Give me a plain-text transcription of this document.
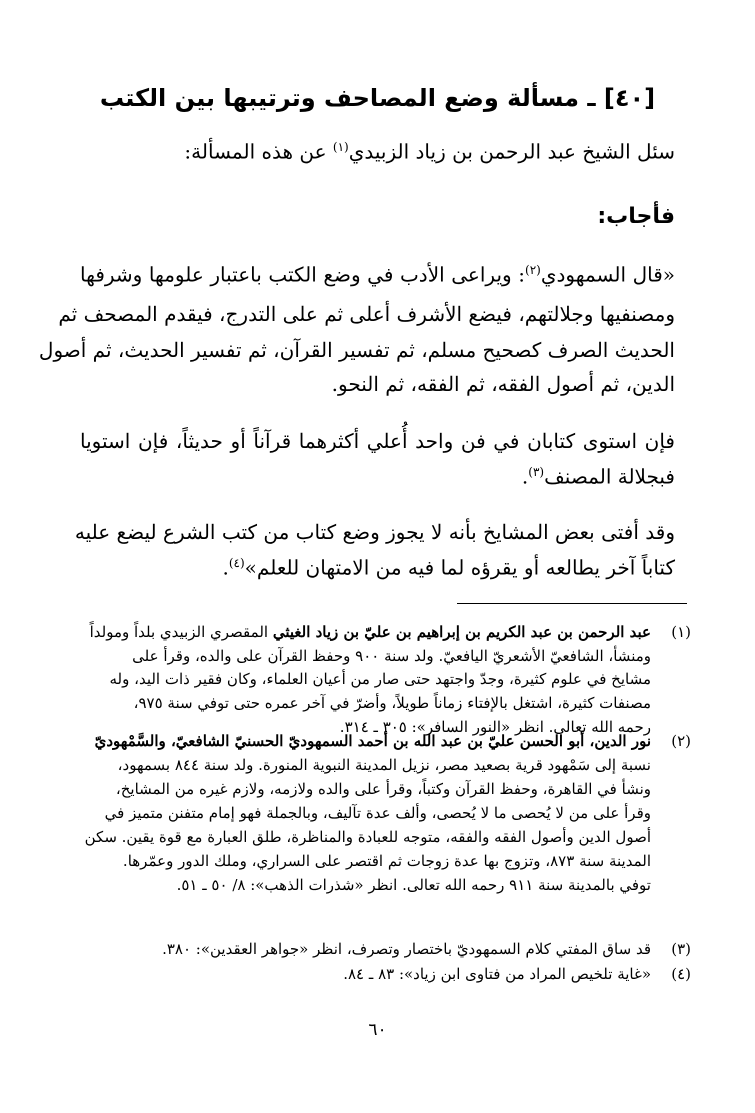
[٤٠] ـ مسألة وضع المصاحف وترتيبها بين الكتب
سئل الشيخ عبد الرحمن بن زياد الزبيدي$^{(١)}$ عن هذه المسألة:
فأجاب:
«قال السمهودي$^{(٢)}$: ويراعى الأدب في وضع الكتب باعتبار علومها وشرفها
ومصنفيها وجلالتهم، فيضع الأشرف أعلى ثم على التدرج، فيقدم المصحف ثم
الحديث الصرف كصحيح مسلم، ثم تفسير القرآن، ثم تفسير الحديث، ثم أصول
الدين، ثم أصول الفقه، ثم الفقه، ثم النحو.
فإن استوى كتابان في فن واحد أُعلي أكثرهما قرآناً أو حديثاً، فإن استويا
فبجلالة المصنف$^{(٣)}$.
وقد أفتى بعض المشايخ بأنه لا يجوز وضع كتاب من كتب الشرع ليضع عليه
كتاباً آخر يطالعه أو يقرؤه لما فيه من الامتهان للعلم»$^{(٤)}$.
(١)عبد الرحمن بن عبد الكريم بن إبراهيم بن عليّ بن زياد الغيثي المقصري الزبيدي بلداً ومولداً
ومنشأ، الشافعيّ الأشعريّ اليافعيّ. ولد سنة ٩٠٠ وحفظ القرآن على والده، وقرأ على
مشايخ في علوم كثيرة، وجدّ واجتهد حتى صار من أعيان العلماء، وكان فقير ذات اليد، وله
مصنفات كثيرة، اشتغل بالإفتاء زماناً طويلاً، وأضرّ في آخر عمره حتى توفي سنة ٩٧٥،
رحمه الله تعالى. انظر «النور السافر»: ٣٠٥ ـ ٣١٤.
(٢)نور الدين، أبو الحسن عليّ بن عبد الله بن أحمد السمهوديّ الحسنيّ الشافعيّ، والسَّمْهوديّ
نسبة إلى سَمْهود قرية بصعيد مصر، نزيل المدينة النبوية المنورة. ولد سنة ٨٤٤ بسمهود،
ونشأ في القاهرة، وحفظ القرآن وكتباً، وقرأ على والده ولازمه، ولازم غيره من المشايخ،
وقرأ على من لا يُحصى ما لا يُحصى، وألف عدة تآليف، وبالجملة فهو إمام متفنن متميز في
أصول الدين وأصول الفقه والفقه، متوجه للعبادة والمناظرة، طلق العبارة مع قوة يقين. سكن
المدينة سنة ٨٧٣، وتزوج بها عدة زوجات ثم اقتصر على السراري، وملك الدور وعمّرها.
توفي بالمدينة سنة ٩١١ رحمه الله تعالى. انظر «شذرات الذهب»: ٨/ ٥٠ ـ ٥١.
(٣)قد ساق المفتي كلام السمهوديّ باختصار وتصرف، انظر «جواهر العقدين»: ٣٨٠.
(٤)«غاية تلخيص المراد من فتاوى ابن زياد»: ٨٣ ـ ٨٤.
٦٠
